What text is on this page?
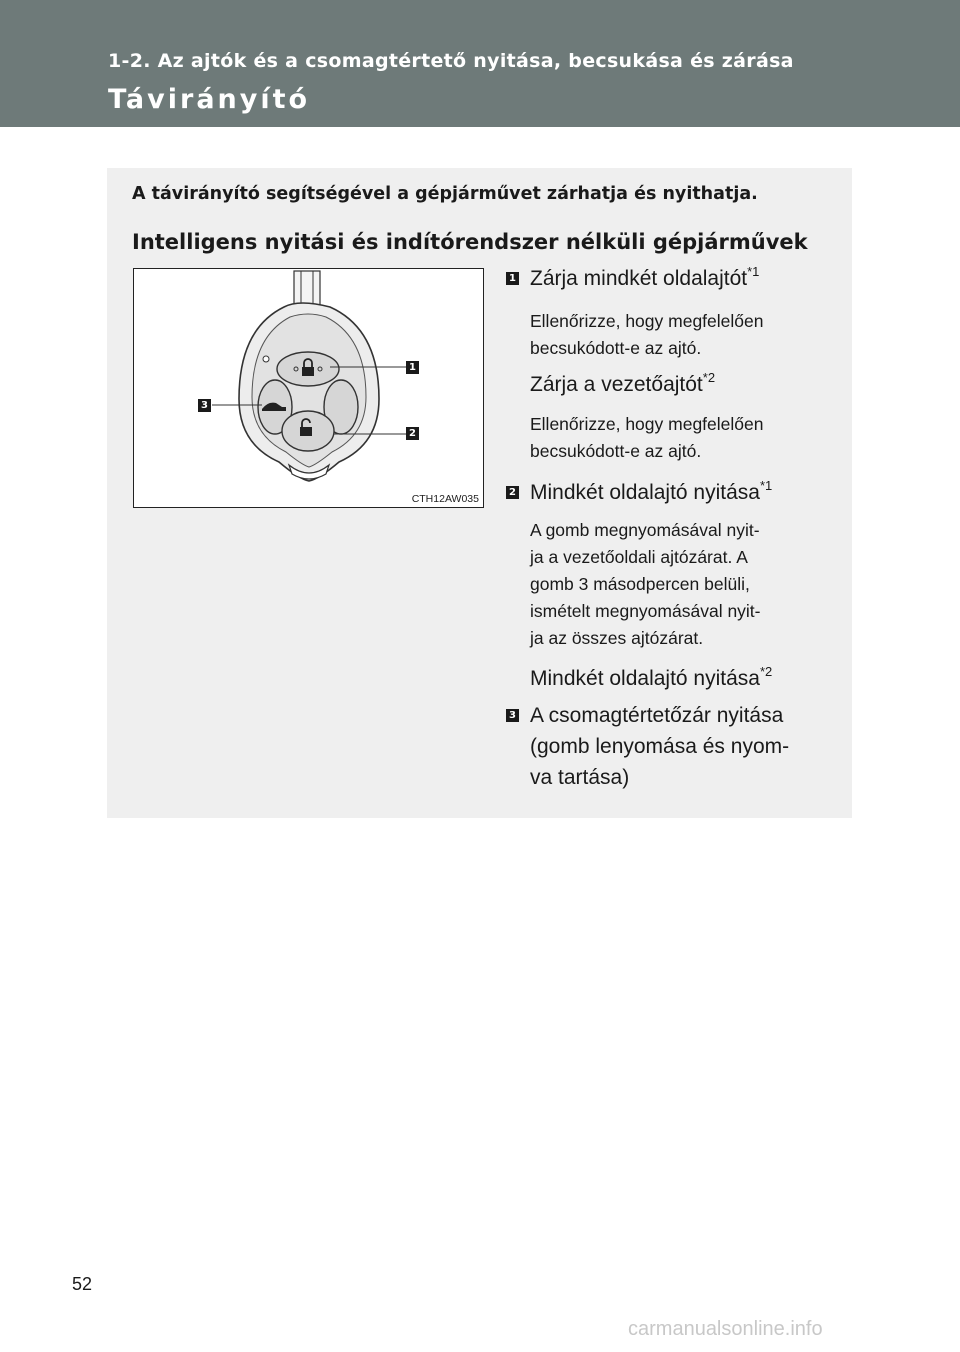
1-2. Az ajtók és a csomagtértető nyitása, becsukása és zárása
Távirányító
A távirányító segítségével a gépjárművet zárhatja és nyithatja.
Intelligens nyitási és indítórendszer nélküli gépjárművek
1
2
3
CTH12AW035
1 Zárja mindkét oldalajtót$^{*1}$
Ellenőrizze, hogy megfelelően
becsukódott-e az ajtó.
Zárja a vezetőajtót$^{*2}$
Ellenőrizze, hogy megfelelően
becsukódott-e az ajtó.
2 Mindkét oldalajtó nyitása$^{*1}$
A gomb megnyomásával nyit-
ja a vezetőoldali ajtózárat. A
gomb 3 másodpercen belüli,
ismételt megnyomásával nyit-
ja az összes ajtózárat.
Mindkét oldalajtó nyitása$^{*2}$
3 A csomagtértetőzár nyitása
(gomb lenyomása és nyom-
va tartása)
52
carmanualsonline.info
